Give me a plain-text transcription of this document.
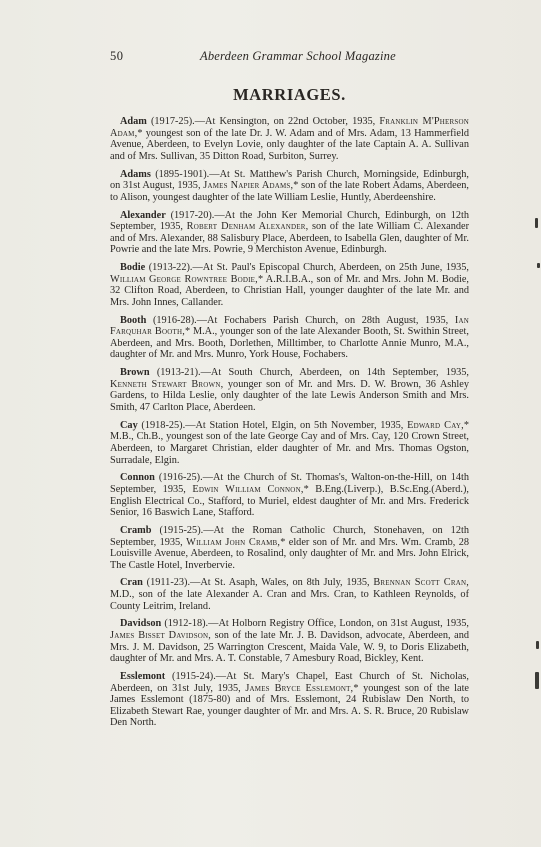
50	Aberdeen Grammar School Magazine
MARRIAGES.

Adam (1917-25).—At Kensington, on 22nd October, 1935, Franklin M'Pherson Adam,* youngest son of the late Dr. J. W. Adam and of Mrs. Adam, 13 Hammerfield Avenue, Aberdeen, to Evelyn Lovie, only daughter of the late Captain A. A. Sullivan and of Mrs. Sullivan, 35 Ditton Road, Surbiton, Surrey.

Adams (1895-1901).—At St. Matthew's Parish Church, Morningside, Edinburgh, on 31st August, 1935, James Napier Adams,* son of the late Robert Adams, Aberdeen, to Alison, youngest daughter of the late William Leslie, Huntly, Aberdeenshire.

Alexander (1917-20).—At the John Ker Memorial Church, Edinburgh, on 12th September, 1935, Robert Denham Alexander, son of the late William C. Alexander and of Mrs. Alexander, 88 Salisbury Place, Aberdeen, to Isabella Glen, daughter of Mr. Powrie and the late Mrs. Powrie, 9 Merchiston Avenue, Edinburgh.

Bodie (1913-22).—At St. Paul's Episcopal Church, Aberdeen, on 25th June, 1935, William George Rowntree Bodie,* A.R.I.B.A., son of Mr. and Mrs. John M. Bodie, 32 Clifton Road, Aberdeen, to Christian Hall, younger daughter of the late Mr. and Mrs. John Innes, Callander.

Booth (1916-28).—At Fochabers Parish Church, on 28th August, 1935, Ian Farquhar Booth,* M.A., younger son of the late Alexander Booth, St. Swithin Street, Aberdeen, and Mrs. Booth, Dorlethen, Milltimber, to Charlotte Annie Munro, M.A., daughter of Mr. and Mrs. Munro, York House, Fochabers.

Brown (1913-21).—At South Church, Aberdeen, on 14th September, 1935, Kenneth Stewart Brown, younger son of Mr. and Mrs. D. W. Brown, 36 Ashley Gardens, to Hilda Leslie, only daughter of the late Lewis Anderson Smith and Mrs. Smith, 47 Carlton Place, Aberdeen.

Cay (1918-25).—At Station Hotel, Elgin, on 5th November, 1935, Edward Cay,* M.B., Ch.B., youngest son of the late George Cay and of Mrs. Cay, 120 Crown Street, Aberdeen, to Margaret Christian, elder daughter of Mr. and Mrs. Thomas Ogston, Surradale, Elgin.

Connon (1916-25).—At the Church of St. Thomas's, Walton-on-the-Hill, on 14th September, 1935, Edwin William Connon,* B.Eng.(Liverp.), B.Sc.Eng.(Aberd.), English Electrical Co., Stafford, to Muriel, eldest daughter of Mr. and Mrs. Frederick Senior, 16 Baswich Lane, Stafford.

Cramb (1915-25).—At the Roman Catholic Church, Stonehaven, on 12th September, 1935, William John Cramb,* elder son of Mr. and Mrs. Wm. Cramb, 28 Louisville Avenue, Aberdeen, to Rosalind, only daughter of Mr. and Mrs. John Elrick, The Castle Hotel, Inverbervie.

Cran (1911-23).—At St. Asaph, Wales, on 8th July, 1935, Brennan Scott Cran, M.D., son of the late Alexander A. Cran and Mrs. Cran, to Kathleen Reynolds, of County Leitrim, Ireland.

Davidson (1912-18).—At Holborn Registry Office, London, on 31st August, 1935, James Bisset Davidson, son of the late Mr. J. B. Davidson, advocate, Aberdeen, and Mrs. J. M. Davidson, 25 Warrington Crescent, Maida Vale, W. 9, to Doris Elizabeth, daughter of Mr. and Mrs. A. T. Constable, 7 Amesbury Road, Bickley, Kent.

Esslemont (1915-24).—At St. Mary's Chapel, East Church of St. Nicholas, Aberdeen, on 31st July, 1935, James Bryce Esslemont,* youngest son of the late James Esslemont (1875-80) and of Mrs. Esslemont, 24 Rubislaw Den North, to Elizabeth Stewart Rae, younger daughter of Mr. and Mrs. A. S. R. Bruce, 20 Rubislaw Den North.
